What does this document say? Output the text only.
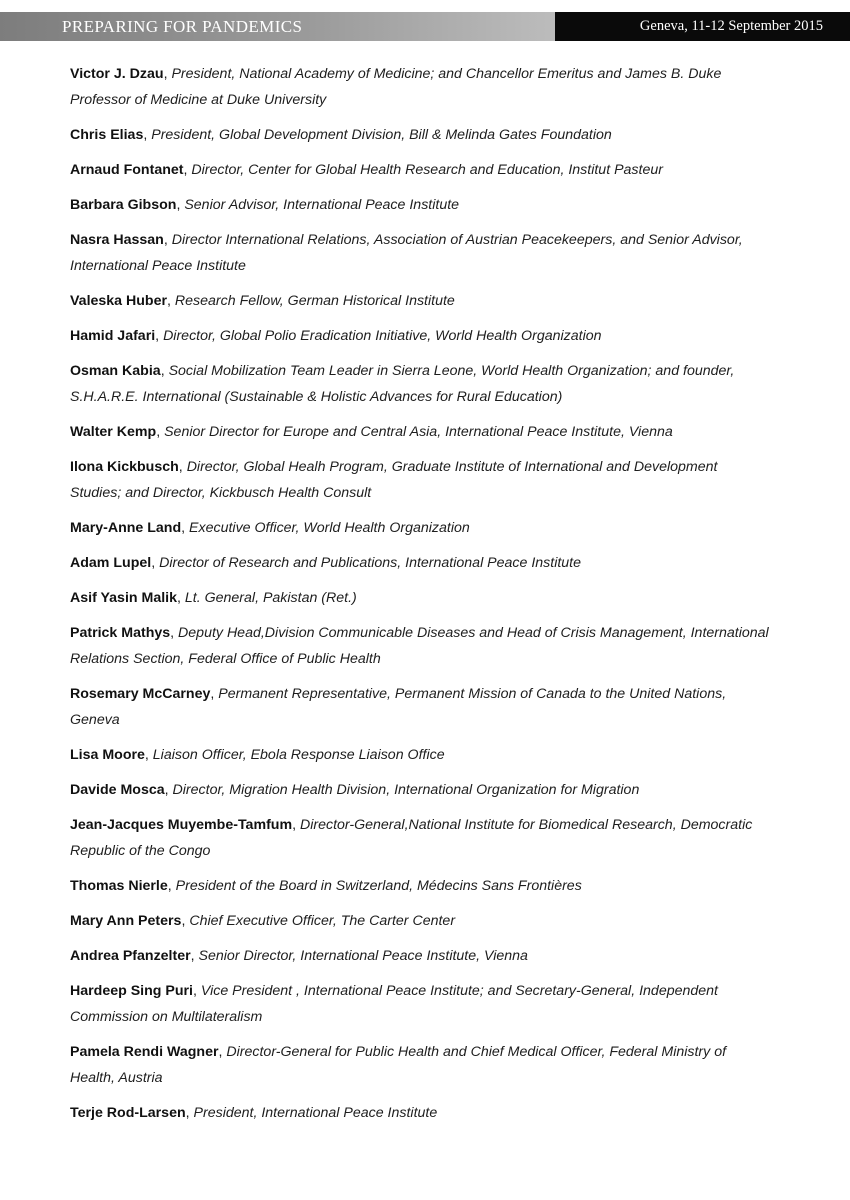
PREPARING FOR PANDEMICS	Geneva, 11-12 September 2015
Victor J. Dzau, President, National Academy of Medicine; and Chancellor Emeritus and James B. Duke Professor of Medicine at Duke University
Chris Elias, President, Global Development Division, Bill & Melinda Gates Foundation
Arnaud Fontanet, Director, Center for Global Health Research and Education, Institut Pasteur
Barbara Gibson, Senior Advisor, International Peace Institute
Nasra Hassan, Director International Relations, Association of Austrian Peacekeepers, and Senior Advisor, International Peace Institute
Valeska Huber, Research Fellow, German Historical Institute
Hamid Jafari, Director, Global Polio Eradication Initiative, World Health Organization
Osman Kabia, Social Mobilization Team Leader in Sierra Leone, World Health Organization; and founder, S.H.A.R.E. International (Sustainable & Holistic Advances for Rural Education)
Walter Kemp, Senior Director for Europe and Central Asia, International Peace Institute, Vienna
Ilona Kickbusch, Director, Global Healh Program, Graduate Institute of International and Development Studies; and Director, Kickbusch Health Consult
Mary-Anne Land, Executive Officer, World Health Organization
Adam Lupel, Director of Research and Publications, International Peace Institute
Asif Yasin Malik, Lt. General, Pakistan (Ret.)
Patrick Mathys, Deputy Head,Division Communicable Diseases and Head of Crisis Management, International Relations Section, Federal Office of Public Health
Rosemary McCarney, Permanent Representative, Permanent Mission of Canada to the United Nations, Geneva
Lisa Moore, Liaison Officer, Ebola Response Liaison Office
Davide Mosca, Director, Migration Health Division, International Organization for Migration
Jean-Jacques Muyembe-Tamfum, Director-General,National Institute for Biomedical Research, Democratic Republic of the Congo
Thomas Nierle, President of the Board in Switzerland, Médecins Sans Frontières
Mary Ann Peters, Chief Executive Officer, The Carter Center
Andrea Pfanzelter, Senior Director, International Peace Institute, Vienna
Hardeep Sing Puri, Vice President , International Peace Institute; and Secretary-General, Independent Commission on Multilateralism
Pamela Rendi Wagner, Director-General for Public Health and Chief Medical Officer, Federal Ministry of Health, Austria
Terje Rod-Larsen, President, International Peace Institute
